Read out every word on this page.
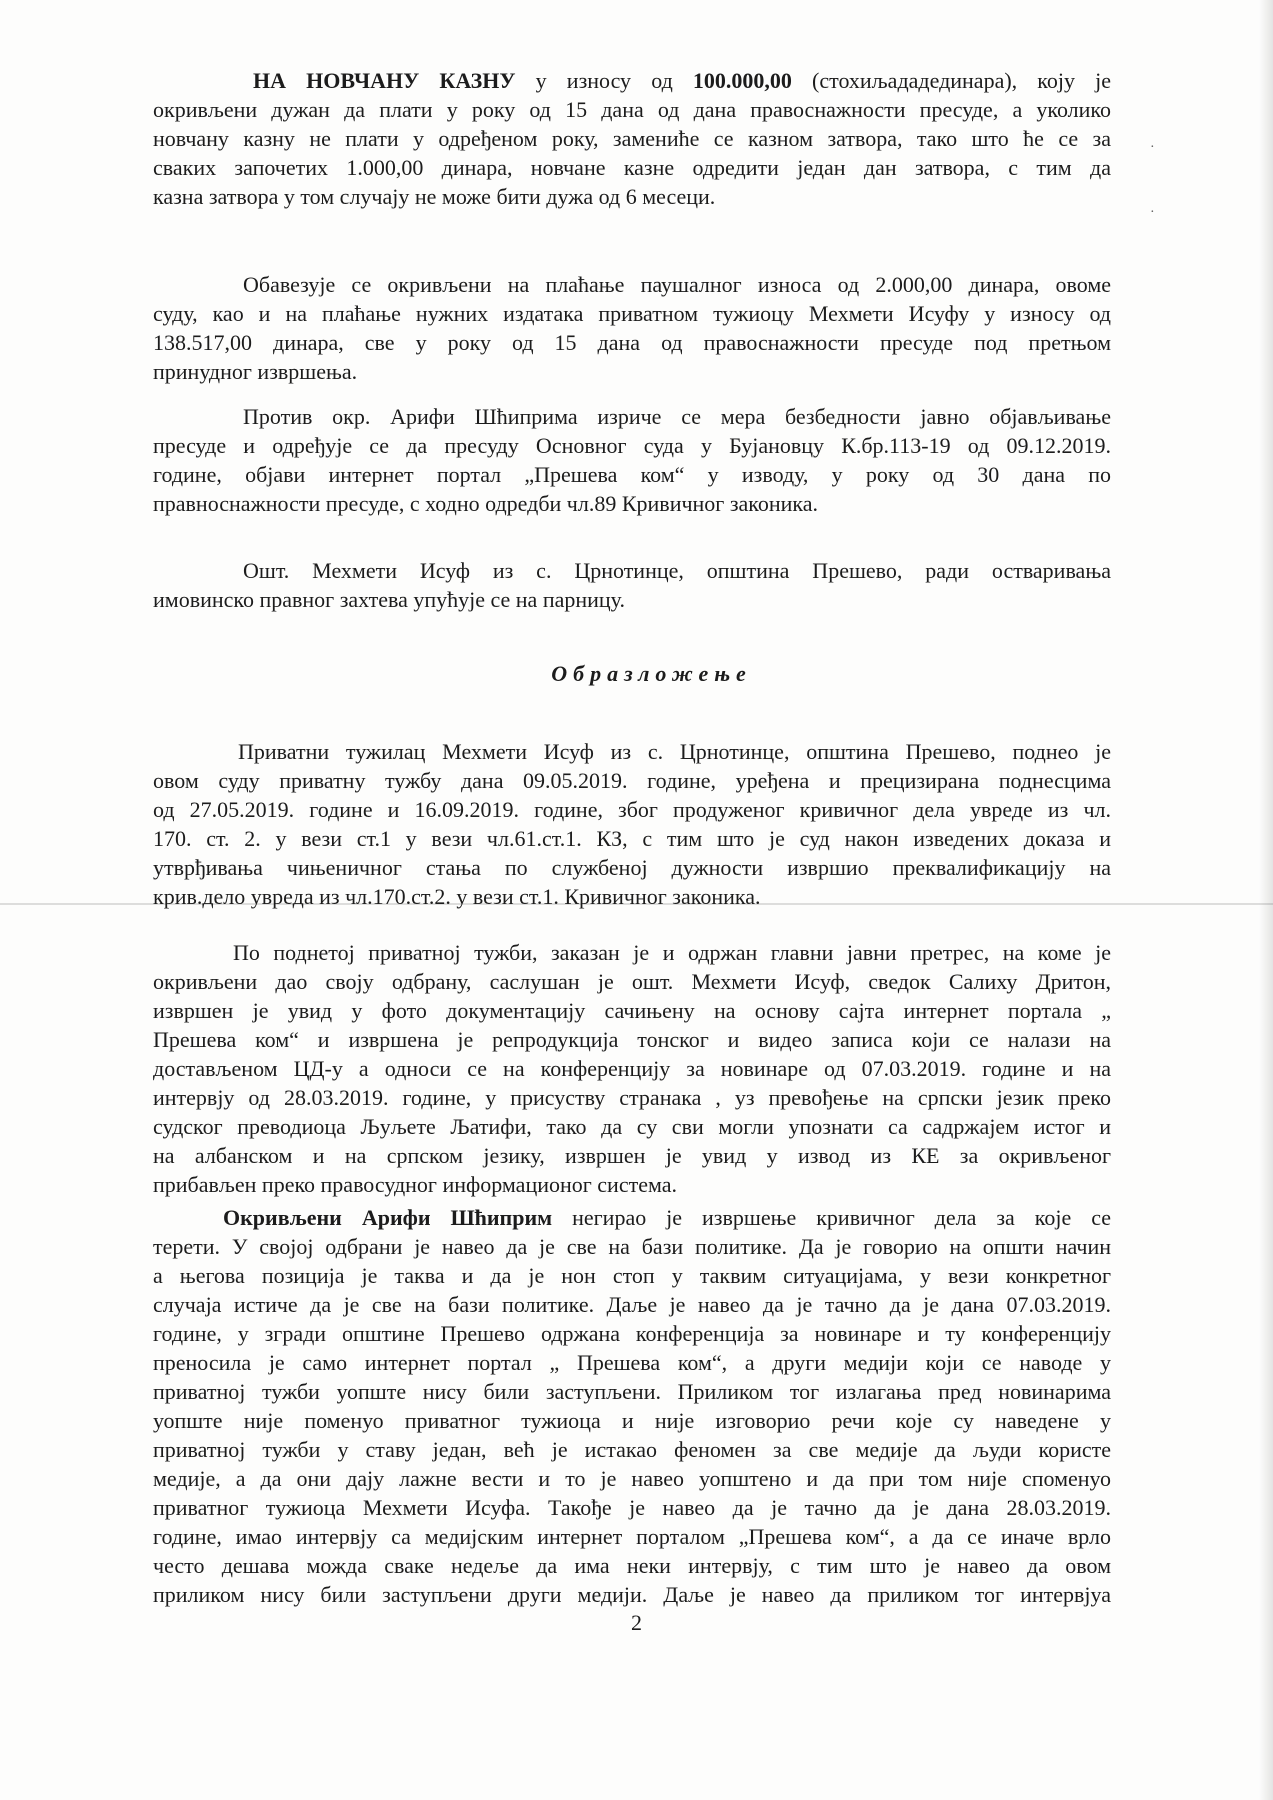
·
·
НА НОВЧАНУ КАЗНУ у износу од 100.000,00 (стохиљададединара), коју је
окривљени дужан да плати у року од 15 дана од дана правоснажности пресуде, а уколико
новчану казну не плати у одређеном року, замениће се казном затвора, тако што ће се за
сваких започетих 1.000,00 динара, новчане казне одредити један дан затвора, с тим да
казна затвора у том случају не може бити дужа од 6 месеци.
Обавезује се окривљени на плаћање паушалног износа од 2.000,00 динара, овоме
суду, као и на плаћање нужних издатака приватном тужиоцу Мехмети Исуфу у износу од
138.517,00 динара, све у року од 15 дана од правоснажности пресуде под претњом
принудног извршења.
Против окр. Арифи Шћиприма изриче се мера безбедности јавно објављивање
пресуде и одређује се да пресуду Основног суда у Бујановцу К.бр.113-19 од 09.12.2019.
године, објави интернет портал „Прешева ком“ у изводу, у року од 30 дана по
правноснажности пресуде, с ходно одредби чл.89 Кривичног законика.
Ошт. Мехмети Исуф из с. Црнотинце, општина Прешево, ради остваривања
имовинско правног захтева упућује се на парницу.
Образложење
Приватни тужилац Мехмети Исуф из с. Црнотинце, општина Прешево, поднео је
овом суду приватну тужбу дана 09.05.2019. године, уређена и прецизирана поднесцима
од 27.05.2019. године и 16.09.2019. године, због продуженог кривичног дела увреде из чл.
170. ст. 2. у вези ст.1 у вези чл.61.ст.1. КЗ, с тим што је суд након изведених доказа и
утврђивања чињеничног стања по службеној дужности извршио преквалификацију на
крив.дело увреда из чл.170.ст.2. у вези ст.1. Кривичног законика.
По поднетој приватној тужби, заказан је и одржан главни јавни претрес, на коме је
окривљени дао своју одбрану, саслушан је ошт. Мехмети Исуф, сведок Салиху Дритон,
извршен је увид у фото документацију сачињену на основу сајта интернет портала „
Прешева ком“ и извршена је репродукција тонског и видео записа који се налази на
достављеном ЦД-у а односи се на конференцију за новинаре од 07.03.2019. године и на
интервју од 28.03.2019. године, у присуству странака , уз превођење на српски језик преко
судског преводиоца Љуљете Љатифи, тако да су сви могли упознати са садржајем истог и
на албанском и на српском језику, извршен је увид у извод из КЕ за окривљеног
прибављен преко правосудног информационог система.
Окривљени Арифи Шћиприм негирао је извршење кривичног дела за које се
терети. У својој одбрани је навео да је све на бази политике. Да је говорио на општи начин
а његова позиција је таква и да је нон стоп у таквим ситуацијама, у вези конкретног
случаја истиче да је све на бази политике. Даље је навео да је тачно да је дана 07.03.2019.
године, у згради општине Прешево одржана конференција за новинаре и ту конференцију
преносила је само интернет портал „ Прешева ком“, а други медији који се наводе у
приватној тужби уопште нису били заступљени. Приликом тог излагања пред новинарима
уопште није поменуо приватног тужиоца и није изговорио речи које су наведене у
приватној тужби у ставу један, већ је истакао феномен за све медије да људи користе
медије, а да они дају лажне вести и то је навео уопштено и да при том није споменуо
приватног тужиоца Мехмети Исуфа. Такође је навео да је тачно да је дана 28.03.2019.
године, имао интервју са медијским интернет порталом „Прешева ком“, а да се иначе врло
често дешава можда сваке недеље да има неки интервју, с тим што је навео да овом
приликом нису били заступљени други медији. Даље је навео да приликом тог интервјуа
2
